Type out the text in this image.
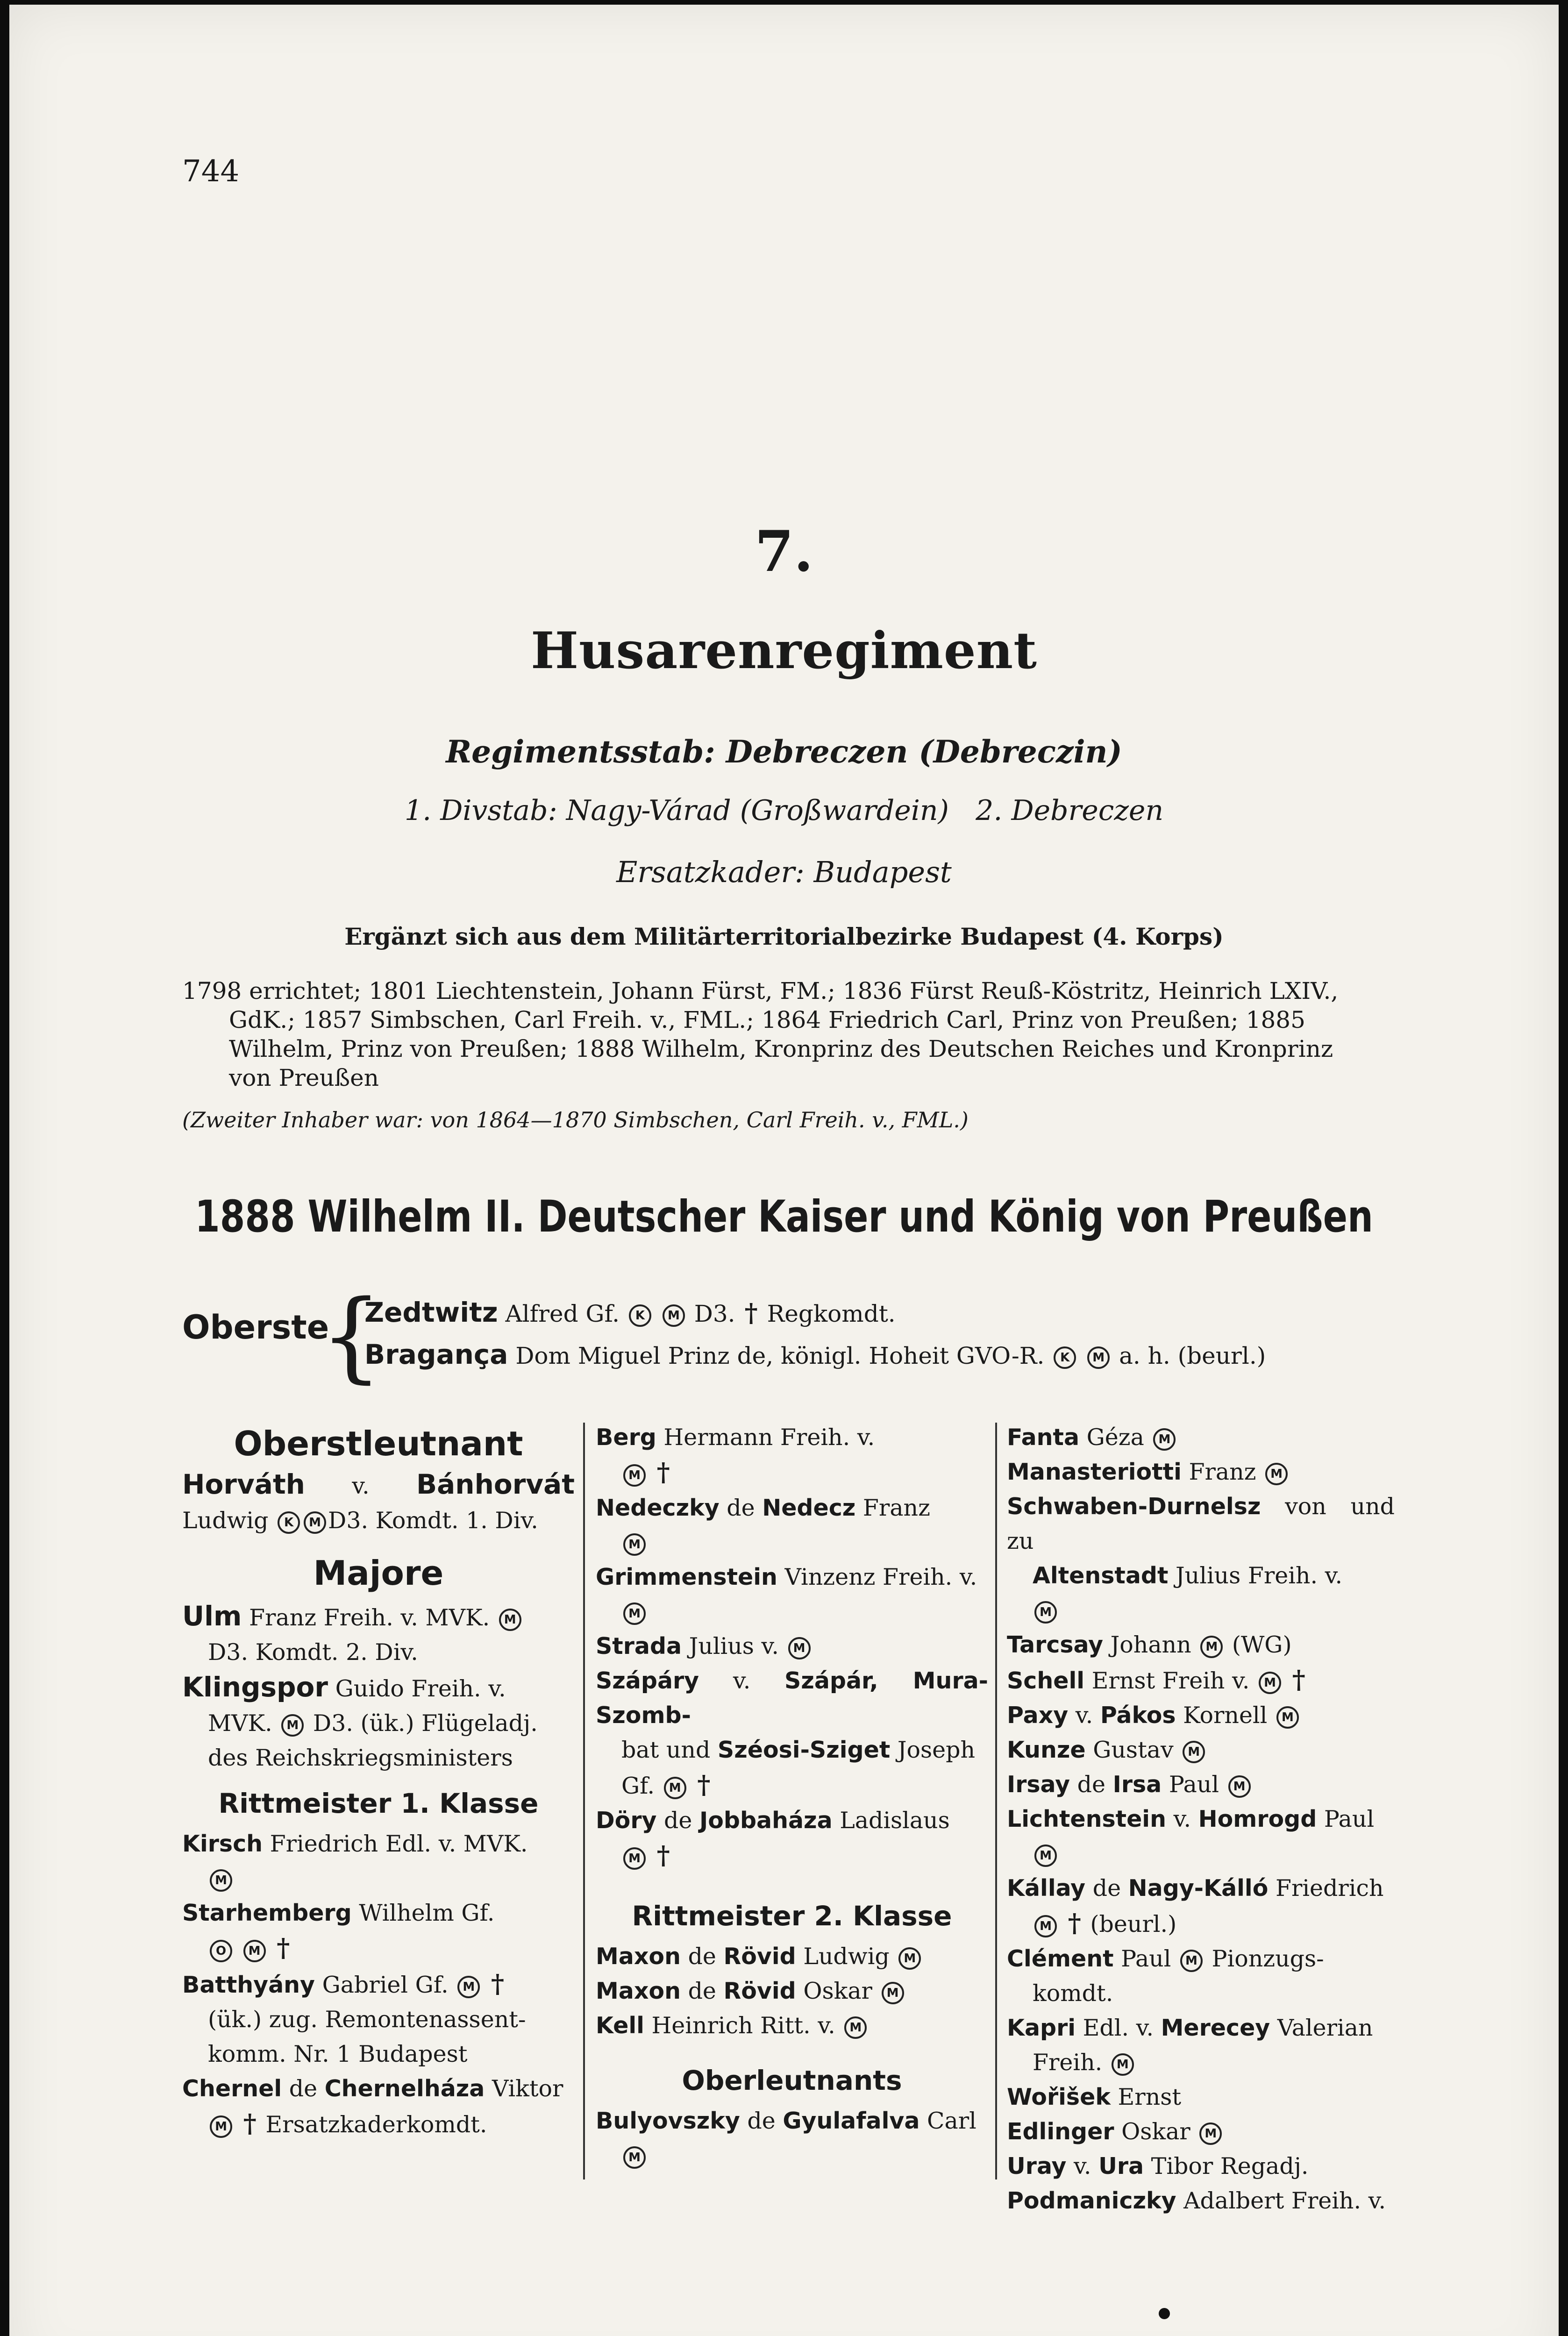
744
7.
Husarenregiment
Regimentsstab: Debreczen (Debreczin)
1. Divstab: Nagy-Várad (Großwardein)   2. Debreczen
Ersatzkader: Budapest
Ergänzt sich aus dem Militärterritorialbezirke Budapest (4. Korps)
1798 errichtet; 1801 Liechtenstein, Johann Fürst, FM.; 1836 Fürst Reuß-Köstritz, Heinrich LXIV.,
GdK.; 1857 Simbschen, Carl Freih. v., FML.; 1864 Friedrich Carl, Prinz von Preußen; 1885
Wilhelm, Prinz von Preußen; 1888 Wilhelm, Kronprinz des Deutschen Reiches und Kronprinz
von Preußen
(Zweiter Inhaber war: von 1864—1870 Simbschen, Carl Freih. v., FML.)
1888 Wilhelm II. Deutscher Kaiser und König von Preußen
Oberste
{
Zedtwitz Alfred Gf. K M D3. † Regkomdt.
Bragança Dom Miguel Prinz de, königl. Hoheit GVO-R. K M a. h. (beurl.)
Oberstleutnant
Horváth v. Bánhorvát Ludwig K M D3. Komdt. 1. Div.
Majore
Ulm Franz Freih. v. MVK. M
D3. Komdt. 2. Div.
Klingspor Guido Freih. v.
MVK. M D3. (ük.) Flügeladj.
des Reichskriegsministers
Rittmeister 1. Klasse
Kirsch Friedrich Edl. v. MVK.
M
Starhemberg Wilhelm Gf.
O M †
Batthyány Gabriel Gf. M †
(ük.) zug. Remontenassent-
komm. Nr. 1 Budapest
Chernel de Chernelháza Viktor
M † Ersatzkaderkomdt.
Berg Hermann Freih. v.
M †
Nedeczky de Nedecz Franz
M
Grimmenstein Vinzenz Freih. v.
M
Strada Julius v. M
Szápáry v. Szápár, Mura-Szomb-
bat und Széosi-Sziget Joseph
Gf. M †
Döry de Jobbaháza Ladislaus
M †
Rittmeister 2. Klasse
Maxon de Rövid Ludwig M
Maxon de Rövid Oskar M
Kell Heinrich Ritt. v. M
Oberleutnants
Bulyovszky de Gyulafalva Carl
M
Fanta Géza M
Manasteriotti Franz M
Schwaben-Durnelsz von und zu
Altenstadt Julius Freih. v.
M
Tarcsay Johann M (WG)
Schell Ernst Freih v. M †
Paxy v. Pákos Kornell M
Kunze Gustav M
Irsay de Irsa Paul M
Lichtenstein v. Homrogd Paul
M
Kállay de Nagy-Kálló Friedrich
M † (beurl.)
Clément Paul M Pionzugs-
komdt.
Kapri Edl. v. Merecey Valerian
Freih. M
Wořišek Ernst
Edlinger Oskar M
Uray v. Ura Tibor Regadj.
Podmaniczky Adalbert Freih. v.
